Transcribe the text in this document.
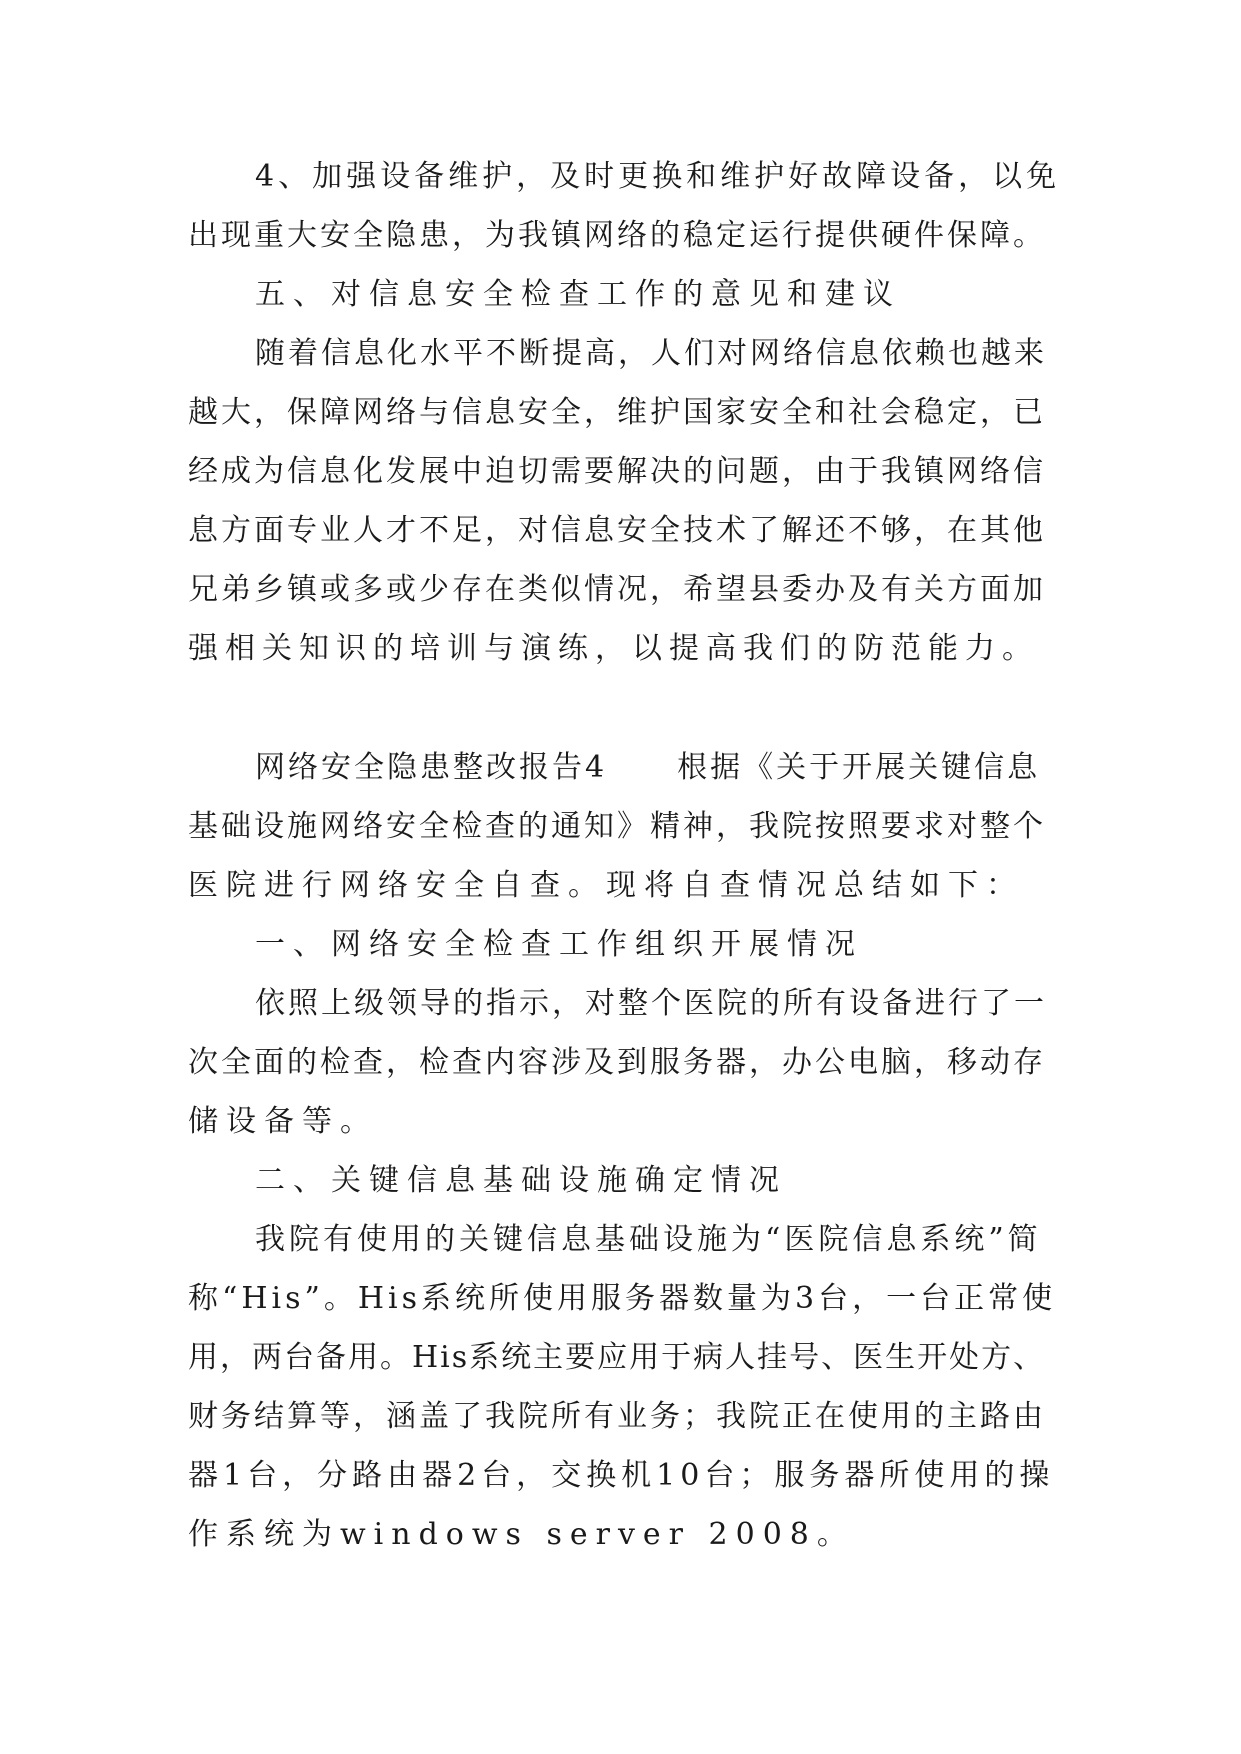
4、加强设备维护，及时更换和维护好故障设备，以免
出现重大安全隐患，为我镇网络的稳定运行提供硬件保障。
五、对信息安全检查工作的意见和建议
随着信息化水平不断提高，人们对网络信息依赖也越来
越大，保障网络与信息安全，维护国家安全和社会稳定，已
经成为信息化发展中迫切需要解决的问题，由于我镇网络信
息方面专业人才不足，对信息安全技术了解还不够，在其他
兄弟乡镇或多或少存在类似情况，希望县委办及有关方面加
强相关知识的培训与演练，以提高我们的防范能力。
网络安全隐患整改报告4 根据《关于开展关键信息
基础设施网络安全检查的通知》精神，我院按照要求对整个
医院进行网络安全自查。现将自查情况总结如下：
一、网络安全检查工作组织开展情况
依照上级领导的指示，对整个医院的所有设备进行了一
次全面的检查，检查内容涉及到服务器，办公电脑，移动存
储设备等。
二、关键信息基础设施确定情况
我院有使用的关键信息基础设施为“医院信息系统”简
称“His”。His系统所使用服务器数量为3台，一台正常使
用，两台备用。His系统主要应用于病人挂号、医生开处方、
财务结算等，涵盖了我院所有业务；我院正在使用的主路由
器1台，分路由器2台，交换机10台；服务器所使用的操
作系统为windows server 2008。
